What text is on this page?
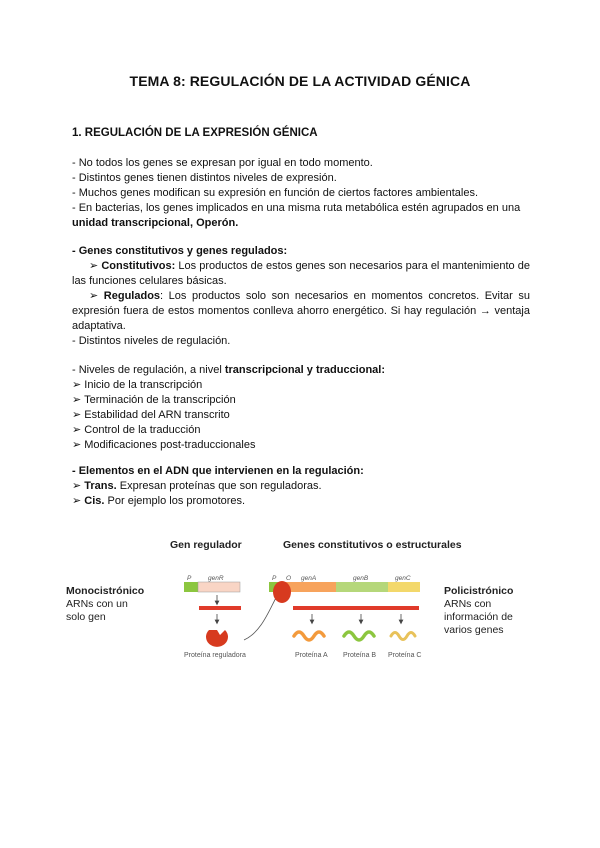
TEMA 8: REGULACIÓN DE LA ACTIVIDAD GÉNICA
1. REGULACIÓN DE LA EXPRESIÓN GÉNICA

- No todos los genes se expresan por igual en todo momento.

- Distintos genes tienen distintos niveles de expresión.

- Muchos genes modifican su expresión en función de ciertos factores ambientales.

- En bacterias, los genes implicados en una misma ruta metabólica estén agrupados en una

unidad transcripcional, Operón.

- Genes constitutivos y genes regulados:

➢ Constitutivos: Los productos de estos genes son necesarios para el mantenimiento de las funciones celulares básicas.

➢ Regulados: Los productos solo son necesarios en momentos concretos. Evitar su expresión fuera de estos momentos conlleva ahorro energético. Si hay regulación → ventaja adaptativa.

- Distintos niveles de regulación.

- Niveles de regulación, a nivel transcripcional y traduccional:

➢ Inicio de la transcripción

➢ Terminación de la transcripción

➢ Estabilidad del ARN transcrito

➢ Control de la traducción

➢ Modificaciones post-traduccionales

- Elementos en el ADN que intervienen en la regulación:

➢ Trans. Expresan proteínas que son reguladoras.

➢ Cis. Por ejemplo los promotores.

Gen regulador	Genes constitutivos o estructurales
Monocistrónico
ARNs con un
solo gen
Policistrónico
ARNs con
información de
varios genes
P	genR
Proteína reguladora
P O genA	genB	genC
Proteína A Proteína B Proteína C
